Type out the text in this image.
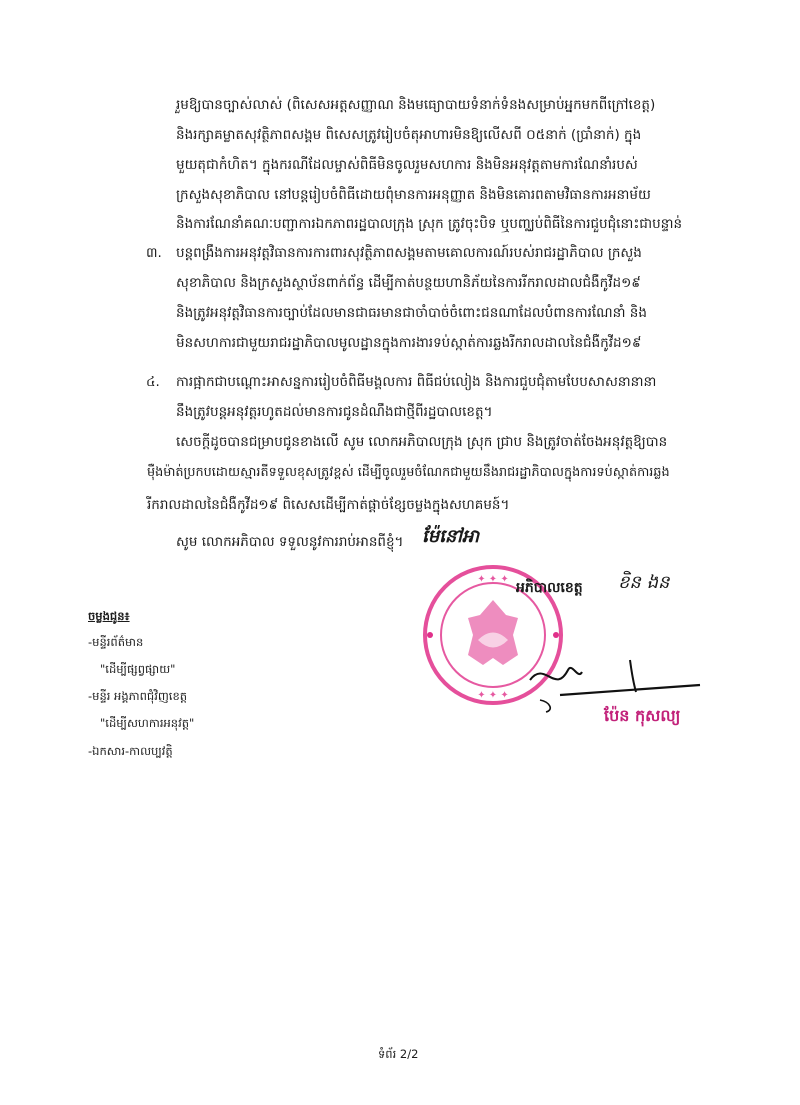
រួមឱ្យបានច្បាស់លាស់ (ពិសេសអត្តសញ្ញាណ និងមធ្យោបាយទំនាក់ទំនងសម្រាប់អ្នកមកពីក្រៅខេត្ត)
និងរក្សាគម្លាតសុវត្ថិភាពសង្គម ពិសេសត្រូវរៀបចំតុអាហារមិនឱ្យលើសពី ០៥នាក់ (ប្រាំនាក់) ក្នុង
មួយតុជាកំហិត។ ក្នុងករណីដែលម្ចាស់ពិធីមិនចូលរួមសហការ និងមិនអនុវត្តតាមការណែនាំរបស់
ក្រសួងសុខាភិបាល នៅបន្តរៀបចំពិធីដោយពុំមានការអនុញ្ញាត និងមិនគោរពតាមវិធានការអនាម័យ
និងការណែនាំគណៈបញ្ជាការឯកភាពរដ្ឋបាលក្រុង ស្រុក ត្រូវចុះបិទ ឬបញ្ឈប់ពិធីនៃការជួបជុំនោះជាបន្ទាន់
៣. បន្តពង្រឹងការអនុវត្តវិធានការការពារសុវត្ថិភាពសង្គមតាមគោលការណ៍របស់រាជរដ្ឋាភិបាល ក្រសួង
សុខាភិបាល និងក្រសួងស្ថាប័នពាក់ព័ន្ធ ដើម្បីកាត់បន្ថយហានិភ័យនៃការរីករាលដាលជំងឺកូវីដ១៩
និងត្រូវអនុវត្តវិធានការច្បាប់ដែលមានជាធរមានជាចាំបាច់ចំពោះជនណាដែលបំពានការណែនាំ និង
មិនសហការជាមួយរាជរដ្ឋាភិបាលមូលដ្ឋានក្នុងការងារទប់ស្កាត់ការឆ្លងរីករាលដាលនៃជំងឺកូវីដ១៩
៤. ការផ្អាកជាបណ្ដោះអាសន្នការរៀបចំពិធីមង្គលការ ពិធីជប់លៀង និងការជួបជុំតាមបែបសាសនានានា
នឹងត្រូវបន្តអនុវត្តរហូតដល់មានការជូនដំណឹងជាថ្មីពីរដ្ឋបាលខេត្ត។
សេចក្ដីដូចបានជម្រាបជូនខាងលើ សូម លោកអភិបាលក្រុង ស្រុក ជ្រាប និងត្រូវចាត់ចែងអនុវត្តឱ្យបាន
ម៉ឺងម៉ាត់ប្រកបដោយស្មារតីទទួលខុសត្រូវខ្ពស់ ដើម្បីចូលរួមចំណែកជាមួយនឹងរាជរដ្ឋាភិបាលក្នុងការទប់ស្កាត់ការឆ្លង
រីករាលដាលនៃជំងឺកូវីដ១៩ ពិសេសដើម្បីកាត់ផ្ដាច់ខ្សែចម្លងក្នុងសហគមន៍។
សូម លោកអភិបាល ទទួលនូវការរាប់អានពីខ្ញុំ។ ម៉ែនៅអា
✦ ✦ ✦
✦ ✦ ✦
អភិបាលខេត្ត ខិន ងន
ប៉ែន កុសល្យ
ចម្លងជូន៖
-មន្ទីរព័ត៌មាន
"ដើម្បីផ្សព្វផ្សាយ"
-មន្ទីរ អង្គភាពជុំវិញខេត្ត
"ដើម្បីសហការអនុវត្ត"
-ឯកសារ-កាលប្បវត្តិ
ទំព័រ 2/2
